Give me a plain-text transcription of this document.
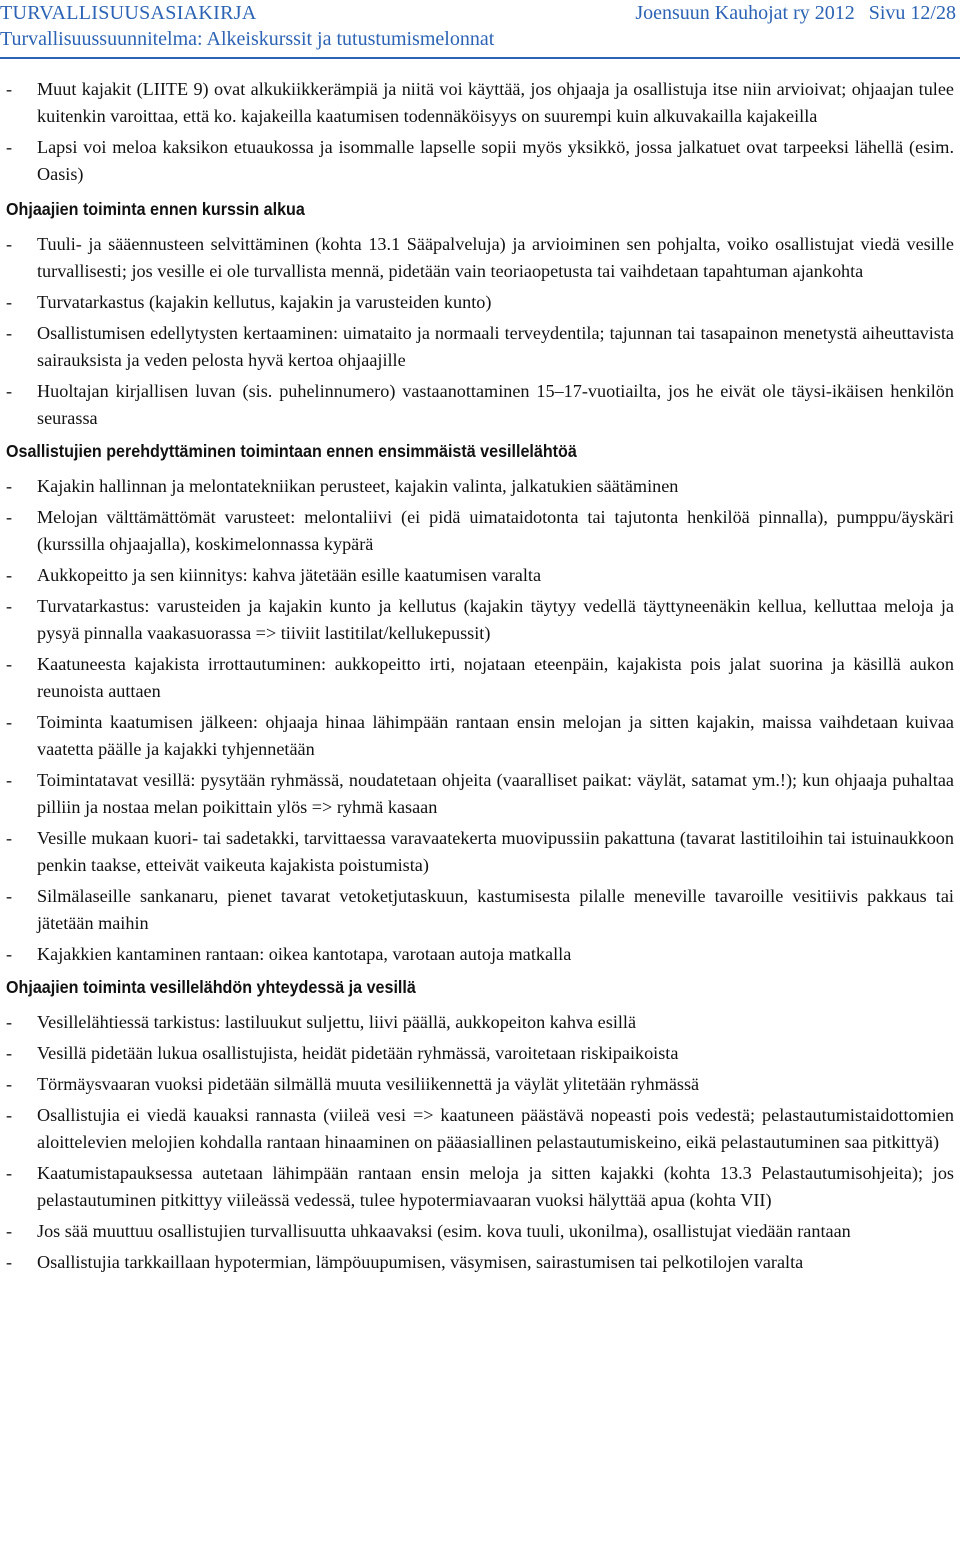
TURVALLISUUSASIAKIRJA	Joensuun Kauhojat ry 2012 Sivu 12/28
Turvallisuussuunnitelma: Alkeiskurssit ja tutustumismelonnat

- Muut kajakit (LIITE 9) ovat alkukiikkerämpiä ja niitä voi käyttää, jos ohjaaja ja osallistuja itse niin arvioivat; ohjaajan tulee kuitenkin varoittaa, että ko. kajakeilla kaatumisen todennäköisyys on suurempi kuin alkuvakailla kajakeilla

- Lapsi voi meloa kaksikon etuaukossa ja isommalle lapselle sopii myös yksikkö, jossa jalkatuet ovat tarpeeksi lähellä (esim. Oasis)

Ohjaajien toiminta ennen kurssin alkua

- Tuuli- ja sääennusteen selvittäminen (kohta 13.1 Sääpalveluja) ja arvioiminen sen pohjalta, voiko osallistujat viedä vesille turvallisesti; jos vesille ei ole turvallista mennä, pidetään vain teoriaopetusta tai vaihdetaan tapahtuman ajankohta

- Turvatarkastus (kajakin kellutus, kajakin ja varusteiden kunto)

- Osallistumisen edellytysten kertaaminen: uimataito ja normaali terveydentila; tajunnan tai tasapainon menetystä aiheuttavista sairauksista ja veden pelosta hyvä kertoa ohjaajille

- Huoltajan kirjallisen luvan (sis. puhelinnumero) vastaanottaminen 15–17-vuotiailta, jos he eivät ole täysi-ikäisen henkilön seurassa

Osallistujien perehdyttäminen toimintaan ennen ensimmäistä vesillelähtöä

- Kajakin hallinnan ja melontatekniikan perusteet, kajakin valinta, jalkatukien säätäminen

- Melojan välttämättömät varusteet: melontaliivi (ei pidä uimataidotonta tai tajutonta henkilöä pinnalla), pumppu/äyskäri (kurssilla ohjaajalla), koskimelonnassa kypärä

- Aukkopeitto ja sen kiinnitys: kahva jätetään esille kaatumisen varalta

- Turvatarkastus: varusteiden ja kajakin kunto ja kellutus (kajakin täytyy vedellä täyttyneenäkin kellua, kelluttaa meloja ja pysyä pinnalla vaakasuorassa => tiiviit lastitilat/kellukepussit)

- Kaatuneesta kajakista irrottautuminen: aukkopeitto irti, nojataan eteenpäin, kajakista pois jalat suorina ja käsillä aukon reunoista auttaen

- Toiminta kaatumisen jälkeen: ohjaaja hinaa lähimpään rantaan ensin melojan ja sitten kajakin, maissa vaihdetaan kuivaa vaatetta päälle ja kajakki tyhjennetään

- Toimintatavat vesillä: pysytään ryhmässä, noudatetaan ohjeita (vaaralliset paikat: väylät, satamat ym.!); kun ohjaaja puhaltaa pilliin ja nostaa melan poikittain ylös => ryhmä kasaan

- Vesille mukaan kuori- tai sadetakki, tarvittaessa varavaatekerta muovipussiin pakattuna (tavarat lastitiloihin tai istuinaukkoon penkin taakse, etteivät vaikeuta kajakista poistumista)

- Silmälaseille sankanaru, pienet tavarat vetoketjutaskuun, kastumisesta pilalle meneville tavaroille vesitiivis pakkaus tai jätetään maihin

- Kajakkien kantaminen rantaan: oikea kantotapa, varotaan autoja matkalla

Ohjaajien toiminta vesillelähdön yhteydessä ja vesillä

- Vesillelähtiessä tarkistus: lastiluukut suljettu, liivi päällä, aukkopeiton kahva esillä

- Vesillä pidetään lukua osallistujista, heidät pidetään ryhmässä, varoitetaan riskipaikoista

- Törmäysvaaran vuoksi pidetään silmällä muuta vesiliikennettä ja väylät ylitetään ryhmässä

- Osallistujia ei viedä kauaksi rannasta (viileä vesi => kaatuneen päästävä nopeasti pois vedestä; pelastautumistaidottomien aloittelevien melojien kohdalla rantaan hinaaminen on pääasiallinen pelastautumiskeino, eikä pelastautuminen saa pitkittyä)

- Kaatumistapauksessa autetaan lähimpään rantaan ensin meloja ja sitten kajakki (kohta 13.3 Pelastautumisohjeita); jos pelastautuminen pitkittyy viileässä vedessä, tulee hypotermiavaaran vuoksi hälyttää apua (kohta VII)

- Jos sää muuttuu osallistujien turvallisuutta uhkaavaksi (esim. kova tuuli, ukonilma), osallistujat viedään rantaan

- Osallistujia tarkkaillaan hypotermian, lämpöuupumisen, väsymisen, sairastumisen tai pelkotilojen varalta
